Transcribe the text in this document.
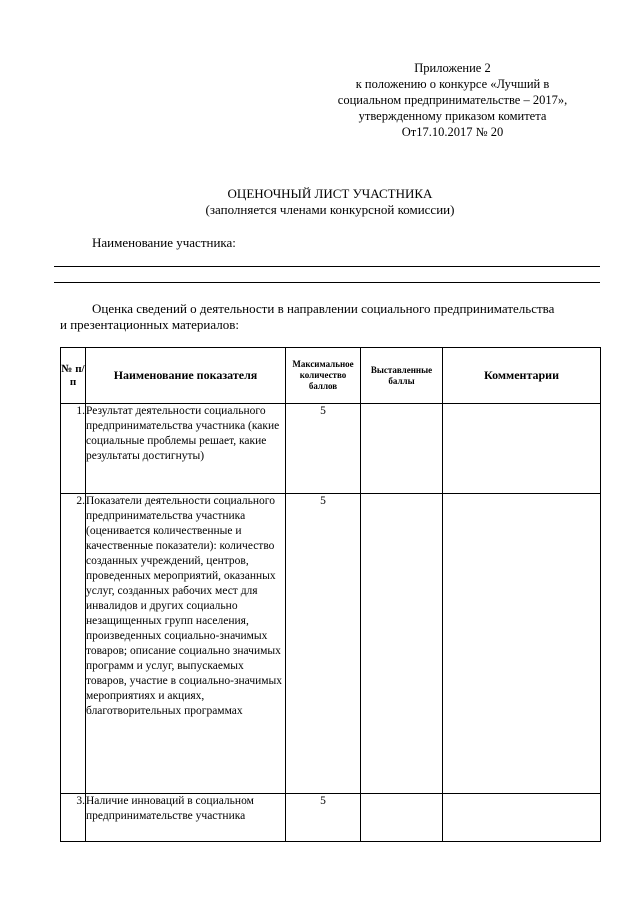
Приложение 2
к положению о конкурсе «Лучший в
социальном предпринимательстве – 2017»,
утвержденному приказом комитета
От17.10.2017 № 20
ОЦЕНОЧНЫЙ ЛИСТ УЧАСТНИКА
(заполняется членами конкурсной комиссии)
Наименование участника:
Оценка сведений о деятельности в направлении социального предпринимательства
и презентационных материалов:
№ п/п	Наименование показателя	Максимальное количество баллов	Выставленные баллы	Комментарии
1.	Результат деятельности социального предпринимательства участника (какие социальные проблемы решает, какие результаты достигнуты)	5		
2.	Показатели деятельности социального предпринимательства участника (оценивается количественные и качественные показатели): количество созданных учреждений, центров, проведенных мероприятий, оказанных услуг, созданных рабочих мест для инвалидов и других социально незащищенных групп населения, произведенных социально-значимых товаров; описание социально значимых программ и услуг, выпускаемых товаров, участие в социально-значимых мероприятиях и акциях, благотворительных программах	5		
3.	Наличие инноваций в социальном предпринимательстве участника	5		
